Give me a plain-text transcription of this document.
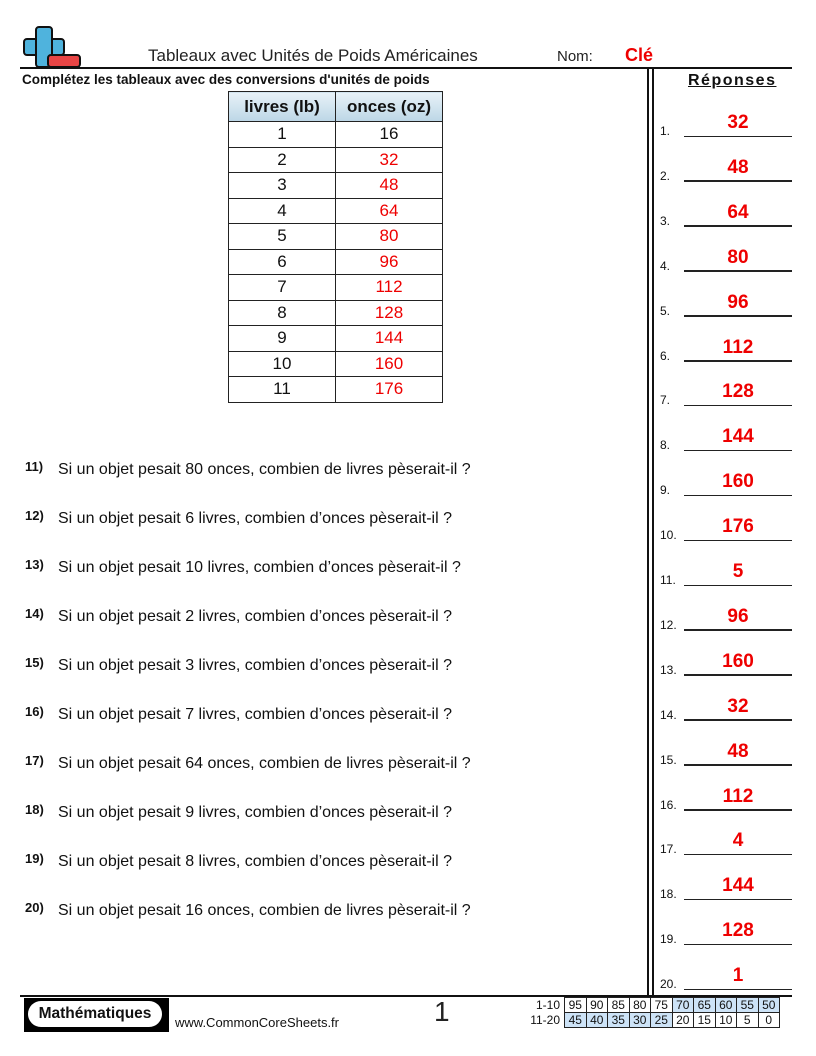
Tableaux avec Unités de Poids Américaines	Nom: Clé
Complétez les tableaux avec des conversions d'unités de poids	Réponses
livres (lb)	onces (oz)
1	16
2	32
3	48
4	64
5	80
6	96
7	112
8	128
9	144
10	160
11	176
11) Si un objet pesait 80 onces, combien de livres pèserait-il ?
12) Si un objet pesait 6 livres, combien d’onces pèserait-il ?
13) Si un objet pesait 10 livres, combien d’onces pèserait-il ?
14) Si un objet pesait 2 livres, combien d’onces pèserait-il ?
15) Si un objet pesait 3 livres, combien d’onces pèserait-il ?
16) Si un objet pesait 7 livres, combien d’onces pèserait-il ?
17) Si un objet pesait 64 onces, combien de livres pèserait-il ?
18) Si un objet pesait 9 livres, combien d’onces pèserait-il ?
19) Si un objet pesait 8 livres, combien d’onces pèserait-il ?
20) Si un objet pesait 16 onces, combien de livres pèserait-il ?
1.	32
2.	48
3.	64
4.	80
5.	96
6.	112
7.	128
8.	144
9.	160
10.	176
11.	5
12.	96
13.	160
14.	32
15.	48
16.	112
17.	4
18.	144
19.	128
20.	1
Mathématiques
www.CommonCoreSheets.fr	1	1-10	95	90	85	80	75	70	65	60	55	50
11-20	45	40	35	30	25	20	15	10	5	0
